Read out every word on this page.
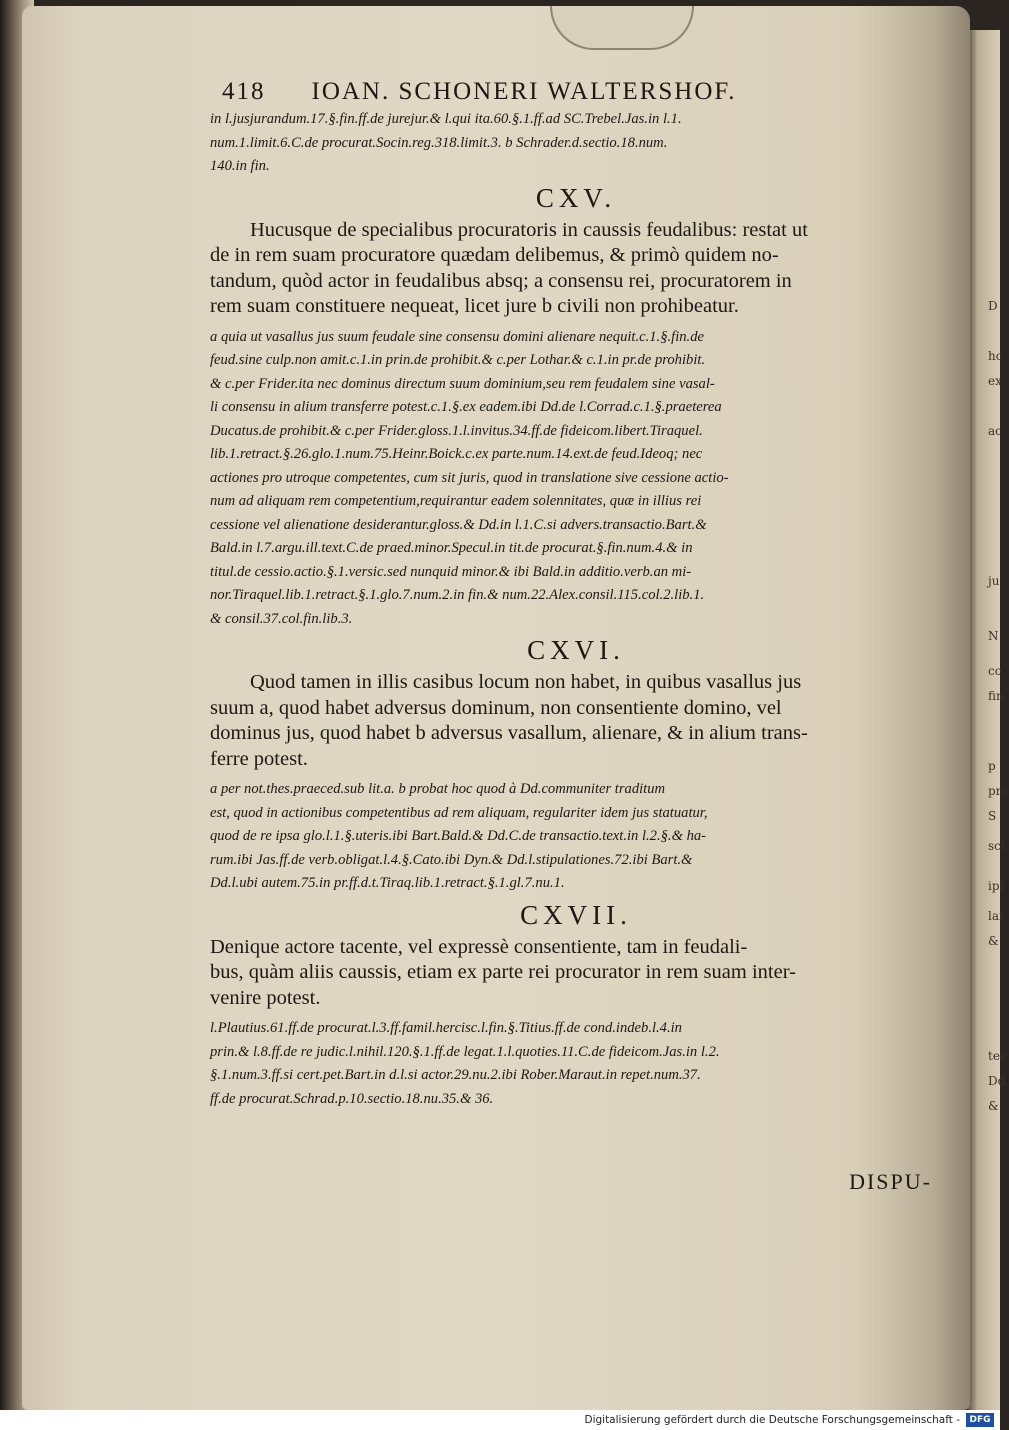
D
hc
ex
ac
ju
N
co
fin
p
pra
S
sci
ipf
lai
&
ter
Dd
&
418 IOAN. SCHONERI WALTERSHOF.

in l.jusjurandum.17.§.fin.ff.de jurejur.& l.qui ita.60.§.1.ff.ad SC.Trebel.Jas.in l.1.

num.1.limit.6.C.de procurat.Socin.reg.318.limit.3. b Schrader.d.sectio.18.num.

140.in fin.

CXV.

Hucusque de specialibus procuratoris in caussis feudalibus: restat ut

de in rem suam procuratore quædam delibemus, & primò quidem no-

tandum, quòd actor in feudalibus absq; a consensu rei, procuratorem in

rem suam constituere nequeat, licet jure b civili non prohibeatur.

a quia ut vasallus jus suum feudale sine consensu domini alienare nequit.c.1.§.fin.de

feud.sine culp.non amit.c.1.in prin.de prohibit.& c.per Lothar.& c.1.in pr.de prohibit.

& c.per Frider.ita nec dominus directum suum dominium,seu rem feudalem sine vasal-

li consensu in alium transferre potest.c.1.§.ex eadem.ibi Dd.de l.Corrad.c.1.§.praeterea

Ducatus.de prohibit.& c.per Frider.gloss.1.l.invitus.34.ff.de fideicom.libert.Tiraquel.

lib.1.retract.§.26.glo.1.num.75.Heinr.Boick.c.ex parte.num.14.ext.de feud.Ideoq; nec

actiones pro utroque competentes, cum sit juris, quod in translatione sive cessione actio-

num ad aliquam rem competentium,requirantur eadem solennitates, quæ in illius rei

cessione vel alienatione desiderantur.gloss.& Dd.in l.1.C.si advers.transactio.Bart.&

Bald.in l.7.argu.ill.text.C.de praed.minor.Specul.in tit.de procurat.§.fin.num.4.& in

titul.de cessio.actio.§.1.versic.sed nunquid minor.& ibi Bald.in additio.verb.an mi-

nor.Tiraquel.lib.1.retract.§.1.glo.7.num.2.in fin.& num.22.Alex.consil.115.col.2.lib.1.

& consil.37.col.fin.lib.3.

CXVI.

Quod tamen in illis casibus locum non habet, in quibus vasallus jus

suum a, quod habet adversus dominum, non consentiente domino, vel

dominus jus, quod habet b adversus vasallum, alienare, & in alium trans-

ferre potest.

a per not.thes.praeced.sub lit.a. b probat hoc quod à Dd.communiter traditum

est, quod in actionibus competentibus ad rem aliquam, regulariter idem jus statuatur,

quod de re ipsa glo.l.1.§.uteris.ibi Bart.Bald.& Dd.C.de transactio.text.in l.2.§.& ha-

rum.ibi Jas.ff.de verb.obligat.l.4.§.Cato.ibi Dyn.& Dd.l.stipulationes.72.ibi Bart.&

Dd.l.ubi autem.75.in pr.ff.d.t.Tiraq.lib.1.retract.§.1.gl.7.nu.1.

CXVII.

Denique actore tacente, vel expressè consentiente, tam in feudali-

bus, quàm aliis caussis, etiam ex parte rei procurator in rem suam inter-

venire potest.

l.Plautius.61.ff.de procurat.l.3.ff.famil.hercisc.l.fin.§.Titius.ff.de cond.indeb.l.4.in

prin.& l.8.ff.de re judic.l.nihil.120.§.1.ff.de legat.1.l.quoties.11.C.de fideicom.Jas.in l.2.

§.1.num.3.ff.si cert.pet.Bart.in d.l.si actor.29.nu.2.ibi Rober.Maraut.in repet.num.37.

ff.de procurat.Schrad.p.10.sectio.18.nu.35.& 36.

DISPU-
Digitalisierung gefördert durch die Deutsche Forschungsgemeinschaft - DFG
